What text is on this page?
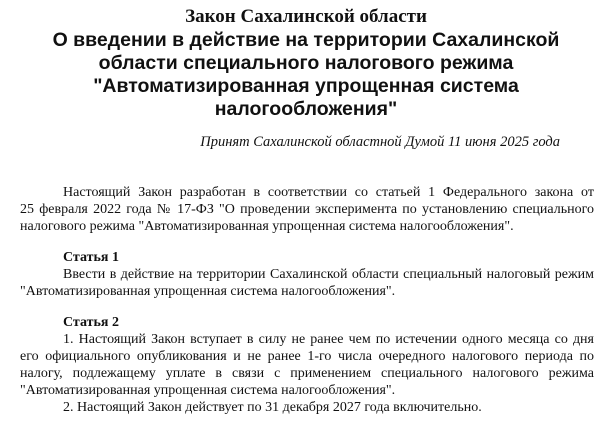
Закон Сахалинской области
О введении в действие на территории Сахалинской
области специального налогового режима
"Автоматизированная упрощенная система
налогообложения"
Принят Сахалинской областной Думой 11 июня 2025 года
Настоящий Закон разработан в соответствии со статьей 1 Федерального закона от
25 февраля 2022 года № 17-ФЗ "О проведении эксперимента по установлению специального
налогового режима "Автоматизированная упрощенная система налогообложения".
Статья 1
Ввести в действие на территории Сахалинской области специальный налоговый режим
"Автоматизированная упрощенная система налогообложения".
Статья 2
1. Настоящий Закон вступает в силу не ранее чем по истечении одного месяца со дня
его официального опубликования и не ранее 1-го числа очередного налогового периода по
налогу, подлежащему уплате в связи с применением специального налогового режима
"Автоматизированная упрощенная система налогообложения".
2. Настоящий Закон действует по 31 декабря 2027 года включительно.
